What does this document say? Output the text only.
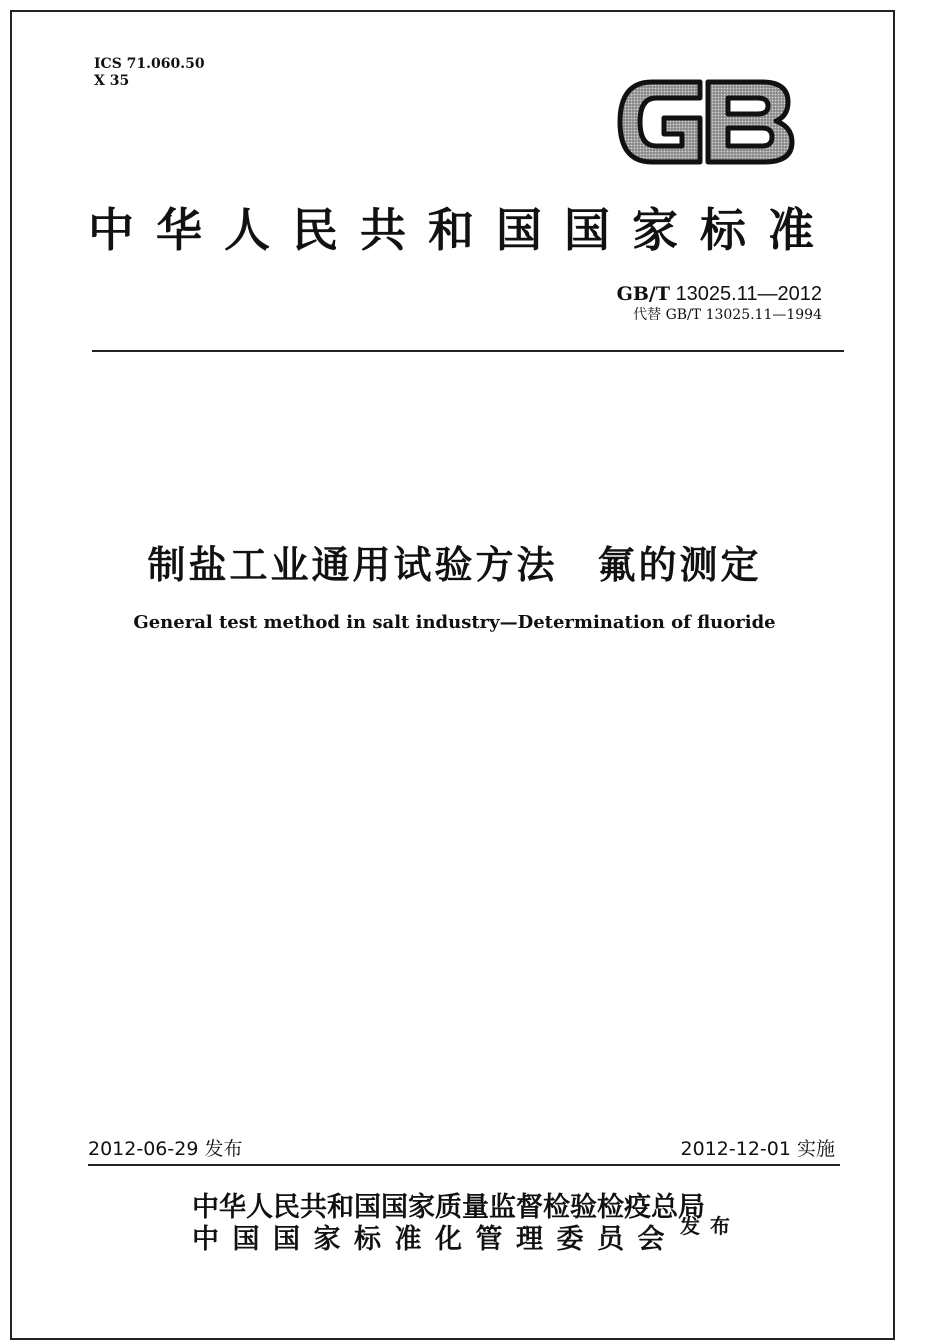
ICS 71.060.50
X 35
中华人民共和国国家标准
GB/T 13025.11—2012
代替 GB/T 13025.11—1994
制盐工业通用试验方法 氟的测定
General test method in salt industry—Determination of fluoride
2012-06-29 发布	2012-12-01 实施
中华人民共和国国家质量监督检验检疫总局
中国国家标准化管理委员会 发布
